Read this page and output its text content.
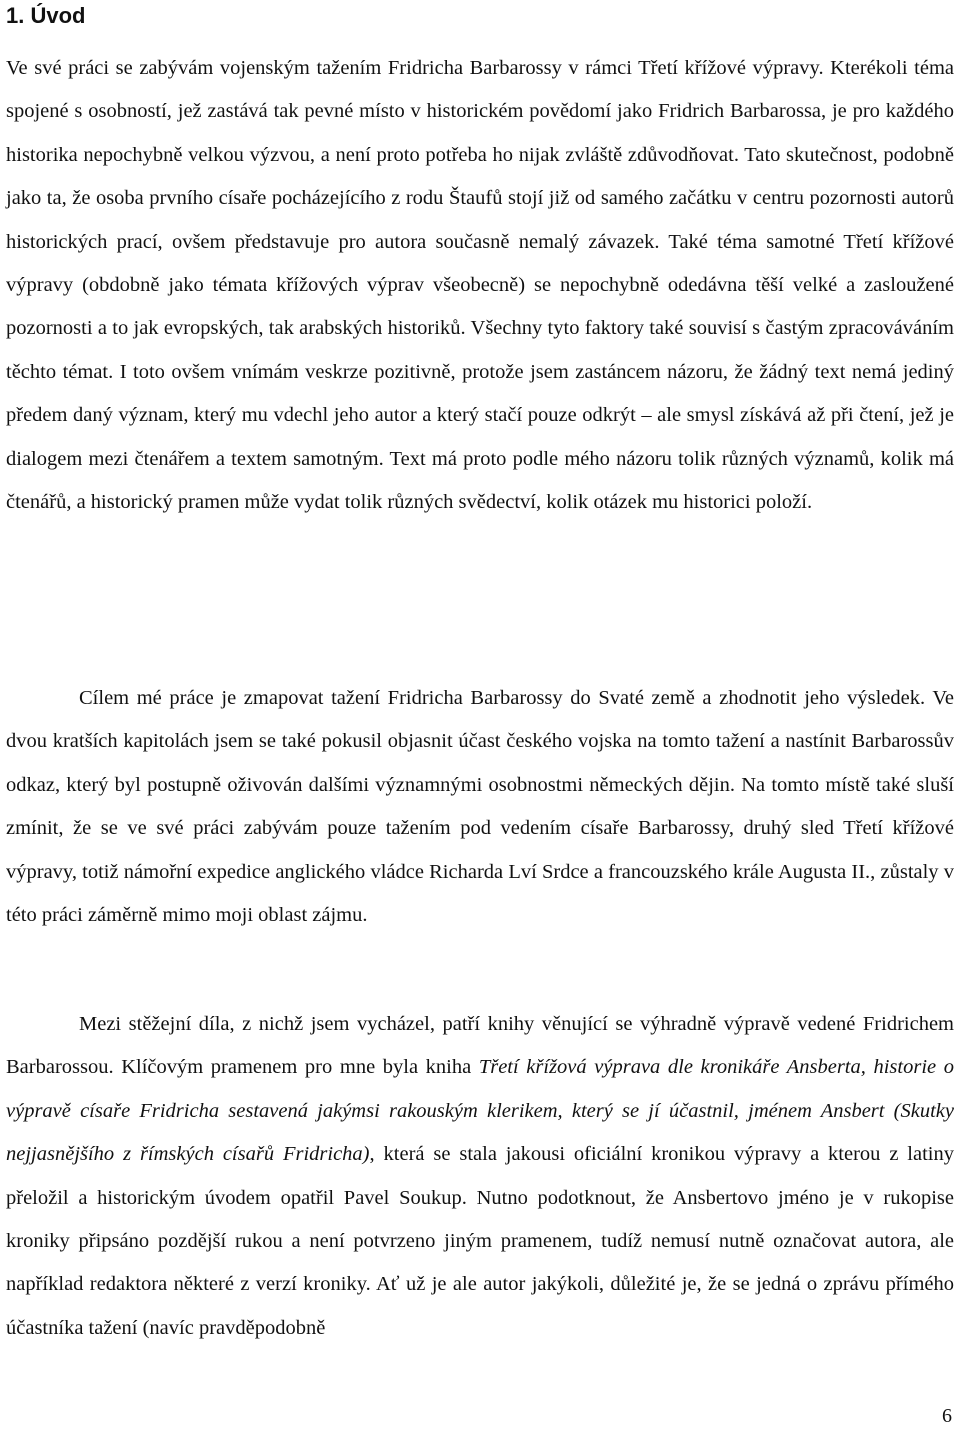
1. Úvod

Ve své práci se zabývám vojenským tažením Fridricha Barbarossy v rámci Třetí křížové výpravy. Kterékoli téma spojené s osobností, jež zastává tak pevné místo v historickém povědomí jako Fridrich Barbarossa, je pro každého historika nepochybně velkou výzvou, a není proto potřeba ho nijak zvláště zdůvodňovat. Tato skutečnost, podobně jako ta, že osoba prvního císaře pocházejícího z rodu Štaufů stojí již od samého začátku v centru pozornosti autorů historických prací, ovšem představuje pro autora současně nemalý závazek. Také téma samotné Třetí křížové výpravy (obdobně jako témata křížových výprav všeobecně) se nepochybně odedávna těší velké a zasloužené pozornosti a to jak evropských, tak arabských historiků. Všechny tyto faktory také souvisí s častým zpracováváním těchto témat. I toto ovšem vnímám veskrze pozitivně, protože jsem zastáncem názoru, že žádný text nemá jediný předem daný význam, který mu vdechl jeho autor a který stačí pouze odkrýt – ale smysl získává až při čtení, jež je dialogem mezi čtenářem a textem samotným. Text má proto podle mého názoru tolik různých významů, kolik má čtenářů, a historický pramen může vydat tolik různých svědectví, kolik otázek mu historici položí.

Cílem mé práce je zmapovat tažení Fridricha Barbarossy do Svaté země a zhodnotit jeho výsledek. Ve dvou kratších kapitolách jsem se také pokusil objasnit účast českého vojska na tomto tažení a nastínit Barbarossův odkaz, který byl postupně oživován dalšími významnými osobnostmi německých dějin. Na tomto místě také sluší zmínit, že se ve své práci zabývám pouze tažením pod vedením císaře Barbarossy, druhý sled Třetí křížové výpravy, totiž námořní expedice anglického vládce Richarda Lví Srdce a francouzského krále Augusta II., zůstaly v této práci záměrně mimo moji oblast zájmu.

Mezi stěžejní díla, z nichž jsem vycházel, patří knihy věnující se výhradně výpravě vedené Fridrichem Barbarossou. Klíčovým pramenem pro mne byla kniha Třetí křížová výprava dle kronikáře Ansberta, historie o výpravě císaře Fridricha sestavená jakýmsi rakouským klerikem, který se jí účastnil, jménem Ansbert (Skutky nejjasnějšího z římských císařů Fridricha), která se stala jakousi oficiální kronikou výpravy a kterou z latiny přeložil a historickým úvodem opatřil Pavel Soukup. Nutno podotknout, že Ansbertovo jméno je v rukopise kroniky připsáno pozdější rukou a není potvrzeno jiným pramenem, tudíž nemusí nutně označovat autora, ale například redaktora některé z verzí kroniky. Ať už je ale autor jakýkoli, důležité je, že se jedná o zprávu přímého účastníka tažení (navíc pravděpodobně

6
